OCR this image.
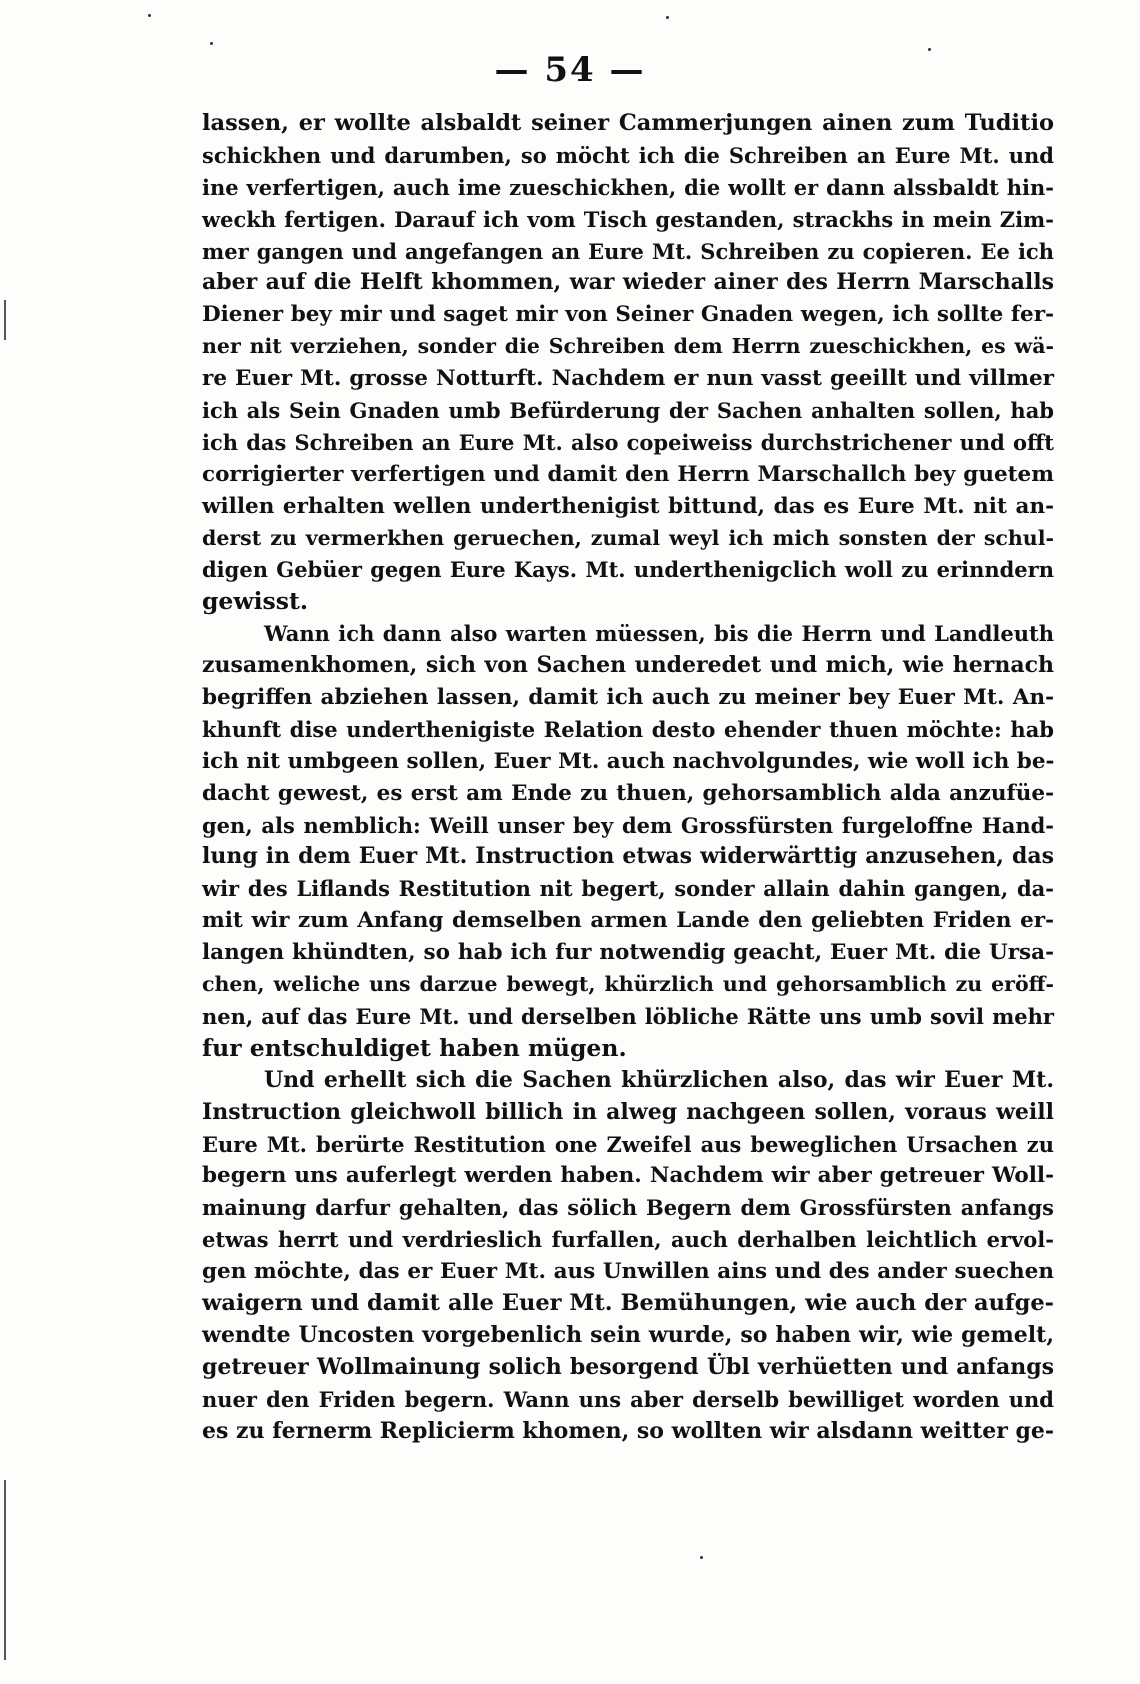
— 54 —
lassen, er wollte alsbaldt seiner Cammerjungen ainen zum Tuditio
schickhen und darumben, so möcht ich die Schreiben an Eure Mt. und
ine verfertigen, auch ime zueschickhen, die wollt er dann alssbaldt hin-
weckh fertigen. Darauf ich vom Tisch gestanden, strackhs in mein Zim-
mer gangen und angefangen an Eure Mt. Schreiben zu copieren. Ee ich
aber auf die Helft khommen, war wieder ainer des Herrn Marschalls
Diener bey mir und saget mir von Seiner Gnaden wegen, ich sollte fer-
ner nit verziehen, sonder die Schreiben dem Herrn zueschickhen, es wä-
re Euer Mt. grosse Notturft. Nachdem er nun vasst geeillt und villmer
ich als Sein Gnaden umb Befürderung der Sachen anhalten sollen, hab
ich das Schreiben an Eure Mt. also copeiweiss durchstrichener und offt
corrigierter verfertigen und damit den Herrn Marschallch bey guetem
willen erhalten wellen underthenigist bittund, das es Eure Mt. nit an-
derst zu vermerkhen geruechen, zumal weyl ich mich sonsten der schul-
digen Gebüer gegen Eure Kays. Mt. underthenigclich woll zu erinndern
gewisst.
Wann ich dann also warten müessen, bis die Herrn und Landleuth
zusamenkhomen, sich von Sachen underedet und mich, wie hernach
begriffen abziehen lassen, damit ich auch zu meiner bey Euer Mt. An-
khunft dise underthenigiste Relation desto ehender thuen möchte: hab
ich nit umbgeen sollen, Euer Mt. auch nachvolgundes, wie woll ich be-
dacht gewest, es erst am Ende zu thuen, gehorsamblich alda anzufüe-
gen, als nemblich: Weill unser bey dem Grossfürsten furgeloffne Hand-
lung in dem Euer Mt. Instruction etwas widerwärttig anzusehen, das
wir des Liflands Restitution nit begert, sonder allain dahin gangen, da-
mit wir zum Anfang demselben armen Lande den geliebten Friden er-
langen khündten, so hab ich fur notwendig geacht, Euer Mt. die Ursa-
chen, weliche uns darzue bewegt, khürzlich und gehorsamblich zu eröff-
nen, auf das Eure Mt. und derselben löbliche Rätte uns umb sovil mehr
fur entschuldiget haben mügen.
Und erhellt sich die Sachen khürzlichen also, das wir Euer Mt.
Instruction gleichwoll billich in alweg nachgeen sollen, voraus weill
Eure Mt. berürte Restitution one Zweifel aus beweglichen Ursachen zu
begern uns auferlegt werden haben. Nachdem wir aber getreuer Woll-
mainung darfur gehalten, das sölich Begern dem Grossfürsten anfangs
etwas herrt und verdrieslich furfallen, auch derhalben leichtlich ervol-
gen möchte, das er Euer Mt. aus Unwillen ains und des ander suechen
waigern und damit alle Euer Mt. Bemühungen, wie auch der aufge-
wendte Uncosten vorgebenlich sein wurde, so haben wir, wie gemelt,
getreuer Wollmainung solich besorgend Übl verhüetten und anfangs
nuer den Friden begern. Wann uns aber derselb bewilliget worden und
es zu fernerm Replicierm khomen, so wollten wir alsdann weitter ge-
